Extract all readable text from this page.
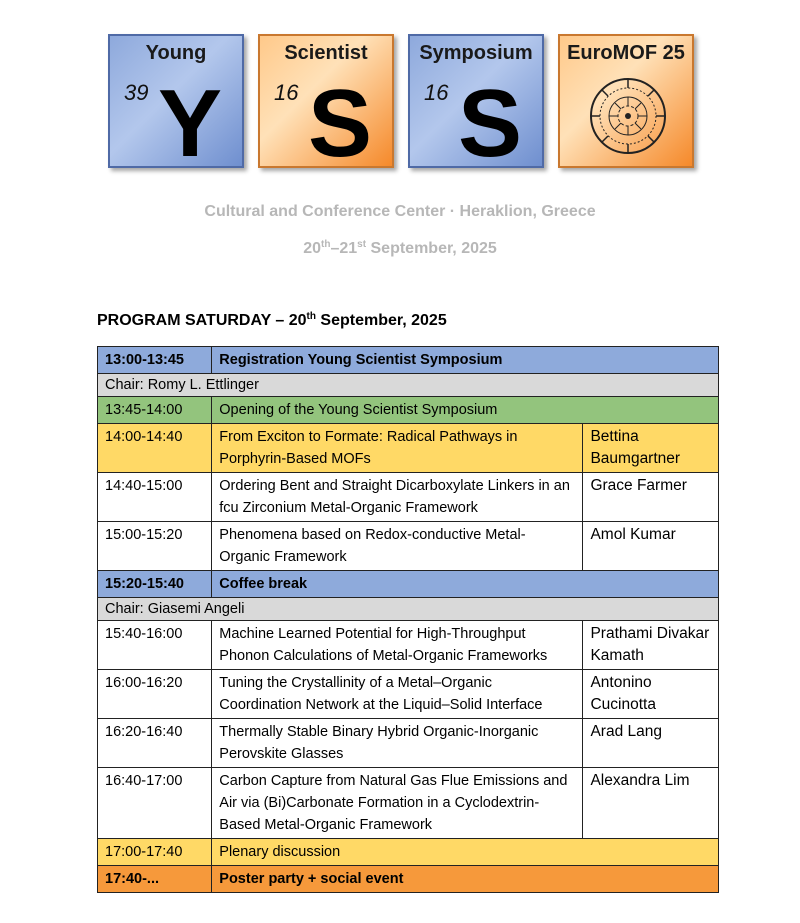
Young
39 Y
Scientist
16 S
Symposium
16 S
EuroMOF 25
Cultural and Conference Center · Heraklion, Greece
20th–21st September, 2025
PROGRAM SATURDAY – 20th September, 2025
13:00-13:45	Registration Young Scientist Symposium	
Chair: Romy L. Ettlinger		
13:45-14:00	Opening of the Young Scientist Symposium	
14:00-14:40	From Exciton to Formate: Radical Pathways in Porphyrin-Based MOFs	Bettina Baumgartner
14:40-15:00	Ordering Bent and Straight Dicarboxylate Linkers in an fcu Zirconium Metal-Organic Framework	Grace Farmer
15:00-15:20	Phenomena based on Redox-conductive Metal-Organic Framework	Amol Kumar
15:20-15:40	Coffee break	
Chair: Giasemi Angeli		
15:40-16:00	Machine Learned Potential for High-Throughput Phonon Calculations of Metal-Organic Frameworks	Prathami Divakar Kamath
16:00-16:20	Tuning the Crystallinity of a Metal–Organic Coordination Network at the Liquid–Solid Interface	Antonino Cucinotta
16:20-16:40	Thermally Stable Binary Hybrid Organic-Inorganic Perovskite Glasses	Arad Lang
16:40-17:00	Carbon Capture from Natural Gas Flue Emissions and Air via (Bi)Carbonate Formation in a Cyclodextrin-Based Metal-Organic Framework	Alexandra Lim
17:00-17:40	Plenary discussion	
17:40-...	Poster party + social event	
